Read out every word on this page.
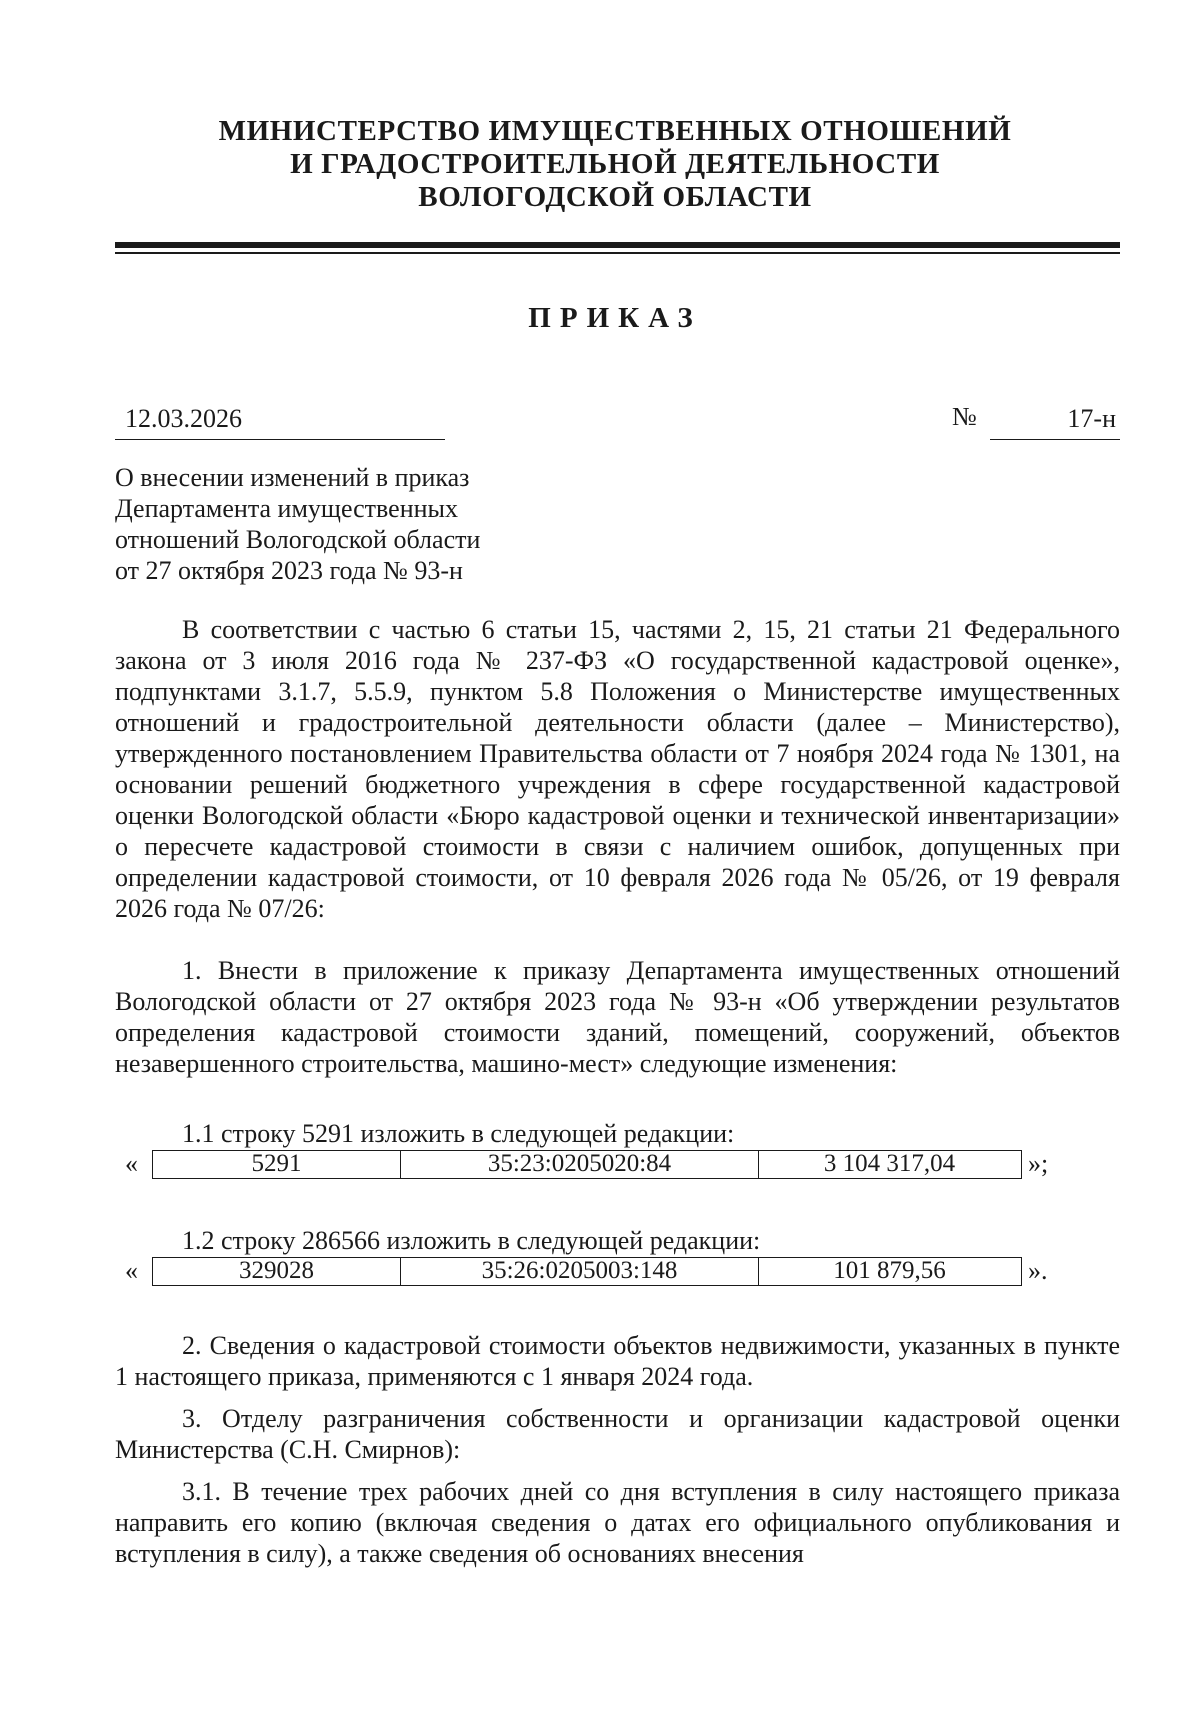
МИНИСТЕРСТВО ИМУЩЕСТВЕННЫХ ОТНОШЕНИЙ
И ГРАДОСТРОИТЕЛЬНОЙ ДЕЯТЕЛЬНОСТИ
ВОЛОГОДСКОЙ ОБЛАСТИ
ПРИКАЗ
12.03.2026	№	17-н
О внесении изменений в приказ
Департамента имущественных
отношений Вологодской области
от 27 октября 2023 года № 93-н
В соответствии с частью 6 статьи 15, частями 2, 15, 21 статьи 21 Федерального закона от 3 июля 2016 года № 237-ФЗ «О государственной кадастровой оценке», подпунктами 3.1.7, 5.5.9, пунктом 5.8 Положения о Министерстве имущественных отношений и градостроительной деятельности области (далее – Министерство), утвержденного постановлением Правительства области от 7 ноября 2024 года № 1301, на основании решений бюджетного учреждения в сфере государственной кадастровой оценки Вологодской области «Бюро кадастровой оценки и технической инвентаризации» о пересчете кадастровой стоимости в связи с наличием ошибок, допущенных при определении кадастровой стоимости, от 10 февраля 2026 года № 05/26, от 19 февраля 2026 года № 07/26:
1. Внести в приложение к приказу Департамента имущественных отношений Вологодской области от 27 октября 2023 года № 93-н «Об утверждении результатов определения кадастровой стоимости зданий, помещений, сооружений, объектов незавершенного строительства, машино-мест» следующие изменения:
1.1 строку 5291 изложить в следующей редакции:
«	5291	35:23:0205020:84	3 104 317,04	»;
1.2 строку 286566 изложить в следующей редакции:
«	329028	35:26:0205003:148	101 879,56	».
2. Сведения о кадастровой стоимости объектов недвижимости, указанных в пункте 1 настоящего приказа, применяются с 1 января 2024 года.
3. Отделу разграничения собственности и организации кадастровой оценки Министерства (С.Н. Смирнов):
3.1. В течение трех рабочих дней со дня вступления в силу настоящего приказа направить его копию (включая сведения о датах его официального опубликования и вступления в силу), а также сведения об основаниях внесения
